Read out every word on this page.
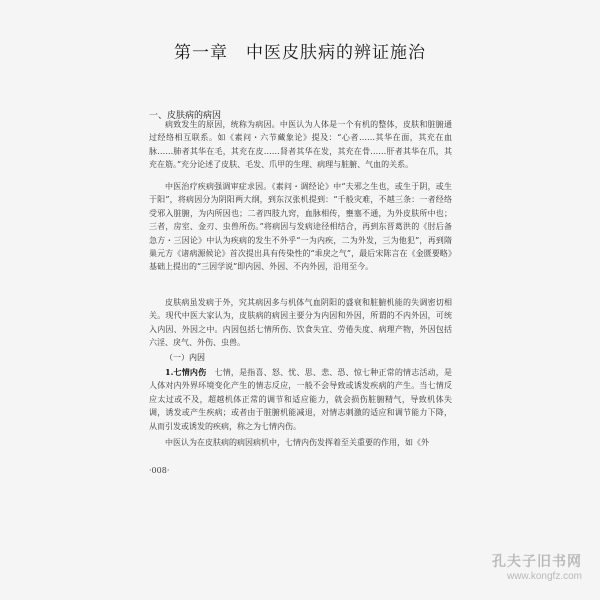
第一章 中医皮肤病的辨证施治
一、皮肤病的病因

病致发生的原因，统称为病因。中医认为人体是一个有机的整体，皮肤和脏腑通过经络相互联系。如《素问・六节藏象论》提及：“心者……其华在面，其充在血脉……肺者其华在毛，其充在皮……肾者其华在发，其充在骨……肝者其华在爪，其充在筋。”充分论述了皮肤、毛发、爪甲的生理、病理与脏腑、气血的关系。

中医治疗疾病强调审症求因。《素问・调经论》中“夫邪之生也，或生于阴，或生于阳”，将病因分为阴阳两大纲，到东汉张机提到：“千般灾难，不越三条：一者经络受邪入脏腑，为内所因也；二者四肢九窍，血脉相传，壅塞不通，为外皮肤所中也；三者，房室、金刃、虫兽所伤。”将病因与发病途径相结合，再到东晋葛洪的《肘后备急方・三因论》中认为疾病的发生不外乎“一为内疾，二为外发，三为他犯”，再到隋巢元方《诸病源候论》首次提出具有传染性的“乖戾之气”，最后宋陈言在《金匮要略》基础上提出的“三因学说”即内因、外因、不内外因，沿用至今。

皮肤病虽发病于外，究其病因多与机体气血阴阳的盛衰和脏腑机能的失调密切相关。现代中医大家认为，皮肤病的病因主要分为内因和外因，所谓的不内外因，可统入内因、外因之中。内因包括七情所伤、饮食失宜、劳倦失度、病理产物，外因包括六淫、戾气、外伤、虫兽。

（一）内因

1.七情内伤　 七情，是指喜、怒、忧、思、悲、恐、惊七种正常的情志活动，是人体对内外界环境变化产生的情志反应，一般不会导致或诱发疾病的产生。当七情反应太过或不及，超越机体正常的调节和适应能力，就会损伤脏腑精气，导致机体失调，诱发或产生疾病；或者由于脏腑机能减退，对情志刺激的适应和调节能力下降，从而引发或诱发的疾病，称之为七情内伤。

中医认为在皮肤病的病因病机中，七情内伤发挥着至关重要的作用，如《外

·008·
孔夫子旧书网
www.kongfz.com
